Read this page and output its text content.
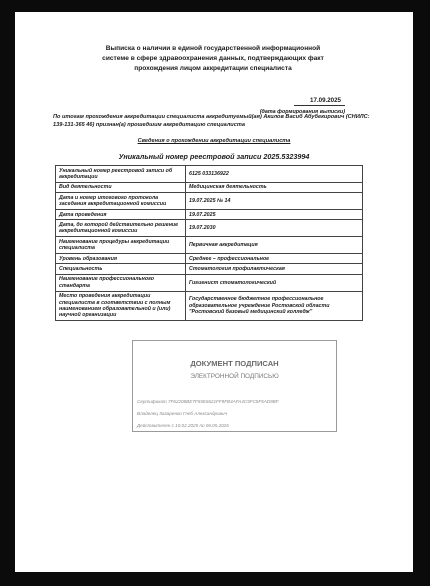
Выписка о наличии в единой государственной информационной
системе в сфере здравоохранения данных, подтверждающих факт
прохождения лицом аккредитации специалиста
17.09.2025
(дата формирования выписки)
По итогам прохождения аккредитации специалиста аккредитуемый(ая) Акилов Васиб Абубекирович (СНИЛС: 139-131-365 46) признан(а) прошедшим аккредитацию специалиста
Сведения о прохождении аккредитации специалиста
Уникальный номер реестровой записи 2025.5323994
Уникальный номер реестровой записи об аккредитации	6125 033136922
Вид деятельности	Медицинская деятельность
Дата и номер итогового протокола заседания аккредитационной комиссии	19.07.2025 № 14
Дата проведения	19.07.2025
Дата, до которой действительно решение аккредитационной комиссии	19.07.2030
Наименование процедуры аккредитации специалиста	Первичная аккредитация
Уровень образования	Среднее – профессиональное
Специальность	Стоматология профилактическая
Наименование профессионального стандарта	Гигиенист стоматологический
Место проведения аккредитации специалиста в соответствии с полным наименованием образовательной и (или) научной организации	Государственное бюджетное профессиональное образовательное учреждение Ростовской области "Ростовский базовый медицинский колледж"
ДОКУМЕНТ ПОДПИСАН
ЭЛЕКТРОННОЙ ПОДПИСЬЮ
Сертификат 7F62208BE7F55E6621FF9FB4AFA4C5FC5F5AD9BF
Владелец Загаренко Глеб Александрович
Действителен с 10.02.2025 по 06.05.2026
